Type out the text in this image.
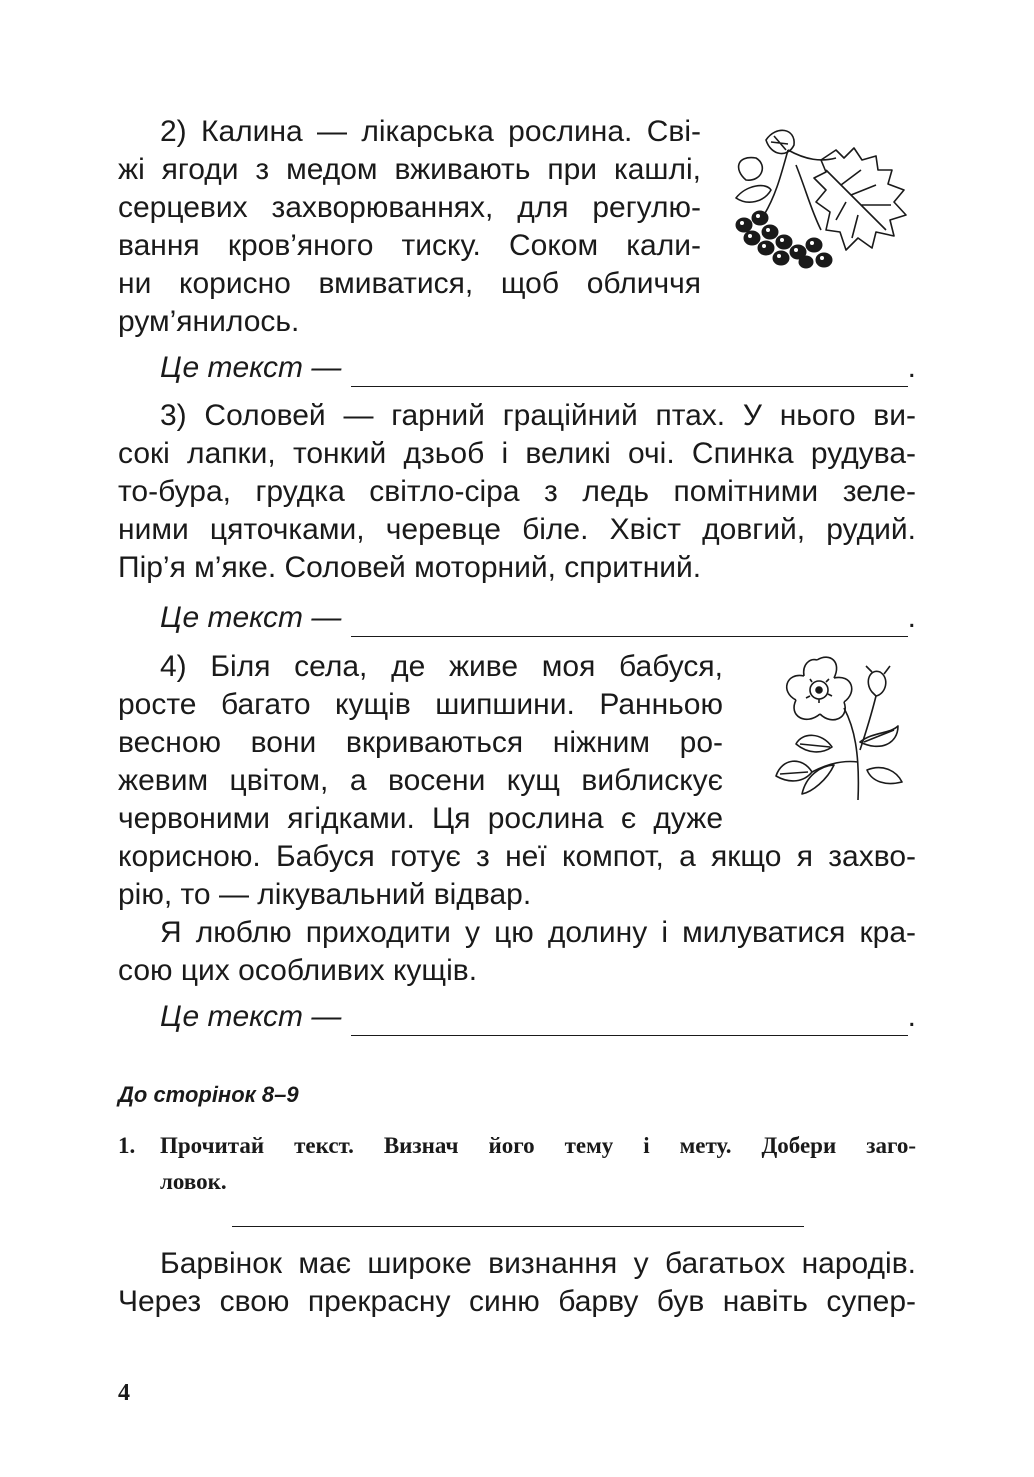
2) Калина — лікарська рослина. Сві-
жі ягоди з медом вживають при кашлі,
серцевих захворюваннях, для регулю-
вання кров’яного тиску. Соком кали-
ни корисно вмиватися, щоб обличчя
рум’янилось.
Це текст —	.
3) Соловей — гарний граційний птах. У нього ви-
сокі лапки, тонкий дзьоб і великі очі. Спинка рудува-
то-бура, грудка світло-сіра з ледь помітними зеле-
ними цяточками, черевце біле. Хвіст довгий, рудий.
Пір’я м’яке. Соловей моторний, спритний.
Це текст —	.
4) Біля села, де живе моя бабуся,
росте багато кущів шипшини. Ранньою
весною вони вкриваються ніжним ро-
жевим цвітом, а восени кущ виблискує
червоними ягідками. Ця рослина є дуже
корисною. Бабуся готує з неї компот, а якщо я захво-
рію, то — лікувальний відвар.
Я люблю приходити у цю долину і милуватися кра-
сою цих особливих кущів.
Це текст —	.
До сторінок 8–9
1. Прочитай текст. Визнач його тему і мету. Добери заго-
ловок.
Барвінок має широке визнання у багатьох народів.
Через свою прекрасну синю барву був навіть супер-
4
